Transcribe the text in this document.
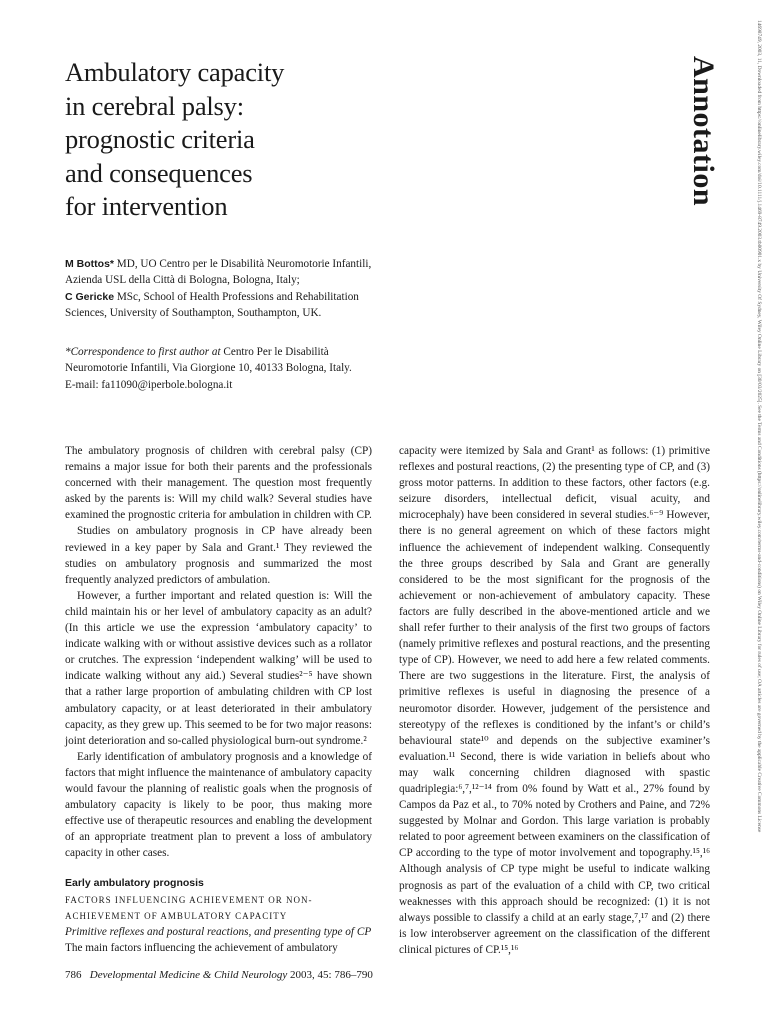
Ambulatory capacity
in cerebral palsy:
prognostic criteria
and consequences
for intervention	Annotation	14698749, 2003, 11, Downloaded from https://onlinelibrary.wiley.com/doi/10.1111/j.1469-8749.2003.tb00901.x by University Of Sydney, Wiley Online Library on [30/03/2025]. See the Terms and Conditions (https://onlinelibrary.wiley.com/terms-and-conditions) on Wiley Online Library for rules of use; OA articles are governed by the applicable Creative Commons License

M Bottos* MD, UO Centro per le Disabilità Neuromotorie Infantili, Azienda USL della Città di Bologna, Bologna, Italy;

C Gericke MSc, School of Health Professions and Rehabilitation Sciences, University of Southampton, Southampton, UK.

*Correspondence to first author at Centro Per le Disabilità Neuromotorie Infantili, Via Giorgione 10, 40133 Bologna, Italy.

E-mail: fa11090@iperbole.bologna.it

The ambulatory prognosis of children with cerebral palsy (CP) remains a major issue for both their parents and the professionals concerned with their management. The question most frequently asked by the parents is: Will my child walk? Several studies have examined the prognostic criteria for ambulation in children with CP.

Studies on ambulatory prognosis in CP have already been reviewed in a key paper by Sala and Grant.¹ They reviewed the studies on ambulatory prognosis and summarized the most frequently analyzed predictors of ambulation.

However, a further important and related question is: Will the child maintain his or her level of ambulatory capacity as an adult? (In this article we use the expression ‘ambulatory capacity’ to indicate walking with or without assistive devices such as a rollator or crutches. The expression ‘independent walking’ will be used to indicate walking without any aid.) Several studies²⁻⁵ have shown that a rather large proportion of ambulating children with CP lost ambulatory capacity, or at least deteriorated in their ambulatory capacity, as they grew up. This seemed to be for two major reasons: joint deterioration and so-called physiological burn-out syndrome.²

Early identification of ambulatory prognosis and a knowledge of factors that might influence the maintenance of ambulatory capacity would favour the planning of realistic goals when the prognosis of ambulatory capacity is likely to be poor, thus making more effective use of therapeutic resources and enabling the development of an appropriate treatment plan to prevent a loss of ambulatory capacity in other cases.

Early ambulatory prognosis

FACTORS INFLUENCING ACHIEVEMENT OR NON-ACHIEVEMENT OF AMBULATORY CAPACITY

Primitive reflexes and postural reactions, and presenting type of CP

The main factors influencing the achievement of ambulatory

capacity were itemized by Sala and Grant¹ as follows: (1) primitive reflexes and postural reactions, (2) the presenting type of CP, and (3) gross motor patterns. In addition to these factors, other factors (e.g. seizure disorders, intellectual deficit, visual acuity, and microcephaly) have been considered in several studies.⁶⁻⁹ However, there is no general agreement on which of these factors might influence the achievement of independent walking. Consequently the three groups described by Sala and Grant are generally considered to be the most significant for the prognosis of the achievement or non-achievement of ambulatory capacity. These factors are fully described in the above-mentioned article and we shall refer further to their analysis of the first two groups of factors (namely primitive reflexes and postural reactions, and the presenting type of CP). However, we need to add here a few related comments. There are two suggestions in the literature. First, the analysis of primitive reflexes is useful in diagnosing the presence of a neuromotor disorder. However, judgement of the persistence and stereotypy of the reflexes is conditioned by the infant’s or child’s behavioural state¹⁰ and depends on the subjective examiner’s evaluation.¹¹ Second, there is wide variation in beliefs about who may walk concerning children diagnosed with spastic quadriplegia:⁶,⁷,¹²⁻¹⁴ from 0% found by Watt et al., 27% found by Campos da Paz et al., to 70% noted by Crothers and Paine, and 72% suggested by Molnar and Gordon. This large variation is probably related to poor agreement between examiners on the classification of CP according to the type of motor involvement and topography.¹⁵,¹⁶ Although analysis of CP type might be useful to indicate walking prognosis as part of the evaluation of a child with CP, two critical weaknesses with this approach should be recognized: (1) it is not always possible to classify a child at an early stage,⁷,¹⁷ and (2) there is low interobserver agreement on the classification of the different clinical pictures of CP.¹⁵,¹⁶

786 Developmental Medicine & Child Neurology 2003, 45: 786–790
